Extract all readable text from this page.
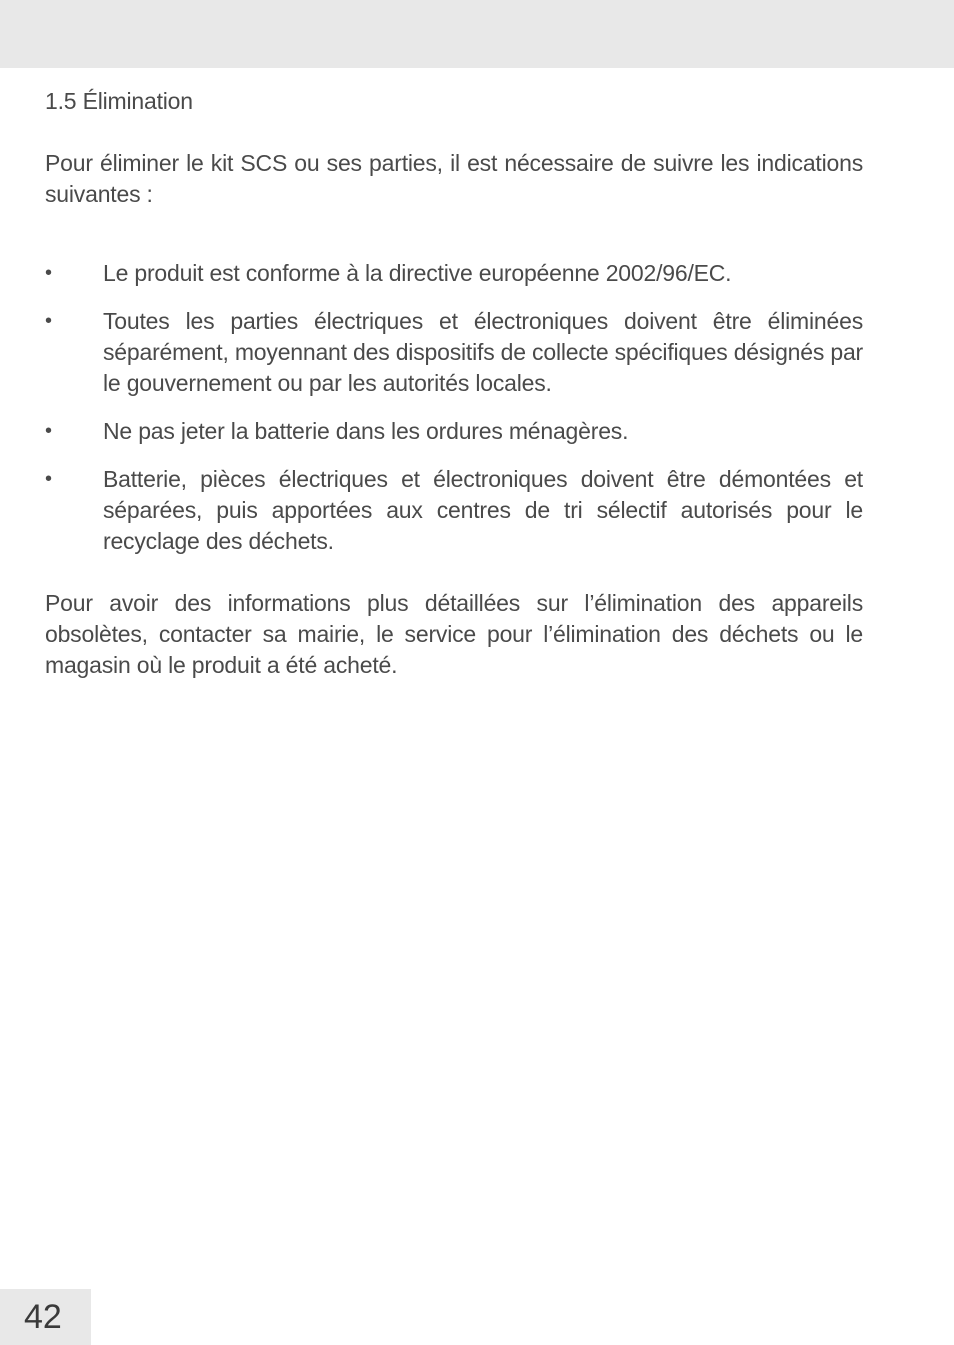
1.5 Élimination

Pour éliminer le kit SCS ou ses parties, il est nécessaire de suivre les indications suivantes :

•	Le produit est conforme à la directive européenne 2002/96/EC.
•	Toutes les parties électriques et électroniques doivent être éliminées séparément, moyennant des dispositifs de collecte spécifiques désignés par le gouvernement ou par les autorités locales.
•	Ne pas jeter la batterie dans les ordures ménagères.
•	Batterie, pièces électriques et électroniques doivent être démontées et séparées, puis apportées aux centres de tri sélectif autorisés pour le recyclage des déchets.

Pour avoir des informations plus détaillées sur l’élimination des appareils obsolètes, contacter sa mairie, le service pour l’élimination des déchets ou le magasin où le produit a été acheté.

42
